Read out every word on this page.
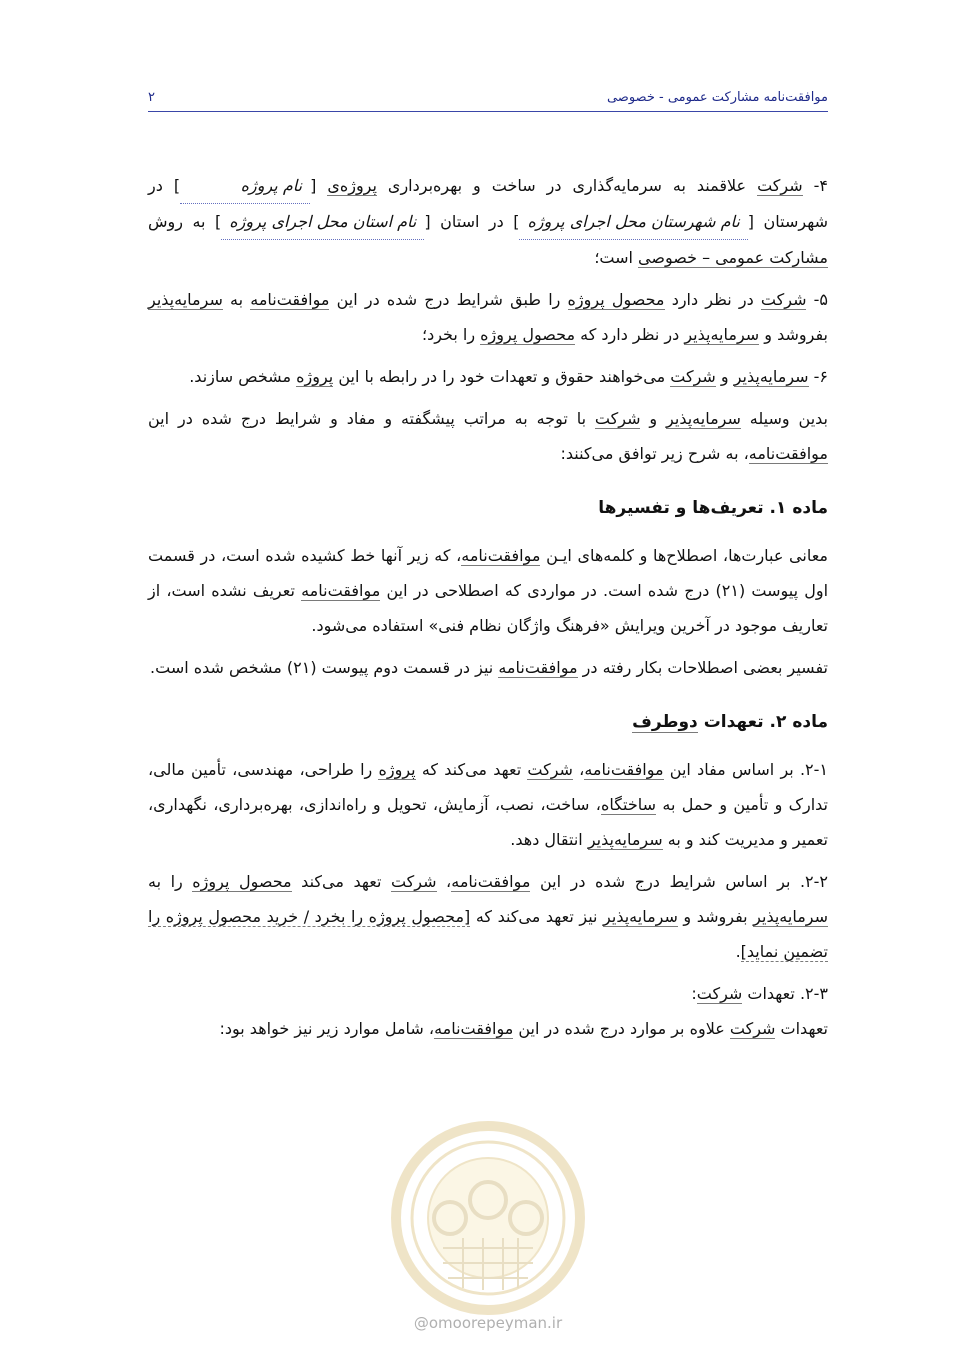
موافقت‌نامه مشارکت عمومی - خصوصی
۲

۴- شرکت علاقمند به سرمایه‌گذاری در ساخت و بهره‌برداری پروژه‌ی [نام پروژه] در شهرستان [نام شهرستان محل اجرای پروژه] در استان [نام استان محل اجرای پروژه] به روش مشارکت عمومی – خصوصی است؛

۵- شرکت در نظر دارد محصول پروژه را طبق شرایط درج شده در این موافقت‌نامه به سرمایه‌پذیر بفروشد و سرمایه‌پذیر در نظر دارد که محصول پروژه را بخرد؛

۶- سرمایه‌پذیر و شرکت می‌خواهند حقوق و تعهدات خود را در رابطه با این پروژه مشخص سازند.

بدین وسیله سرمایه‌پذیر و شرکت با توجه به مراتب پیشگفته و مفاد و شرایط درج شده در این موافقت‌نامه، به شرح زیر توافق می‌کنند:

ماده ۱. تعریف‌ها و تفسیرها

معانی عبارت‌ها، اصطلاح‌ها و کلمه‌های ایـن موافقت‌نامه، که زیر آنها خط کشیده شده است، در قسمت اول پیوست (۲۱) درج شده است. در مواردی که اصطلاحی در این موافقت‌نامه تعریف نشده است، از تعاریف موجود در آخرین ویرایش «فرهنگ واژگان نظام فنی» استفاده می‌شود.

تفسیر بعضی اصطلاحات بکار رفته در موافقت‌نامه نیز در قسمت دوم پیوست (۲۱) مشخص شده است.

ماده ۲. تعهدات دوطرف

۲-۱. بر اساس مفاد این موافقت‌نامه، شرکت تعهد می‌کند که پروژه را طراحی، مهندسی، تأمین مالی، تدارک و تأمین و حمل به ساختگاه، ساخت، نصب، آزمایش، تحویل و راه‌اندازی، بهره‌برداری، نگهداری، تعمیر و مدیریت کند و به سرمایه‌پذیر انتقال دهد.

۲-۲. بر اساس شرایط درج شده در این موافقت‌نامه، شرکت تعهد می‌کند محصول پروژه را به سرمایه‌پذیر بفروشد و سرمایه‌پذیر نیز تعهد می‌کند که [محصول پروژه را بخرد / خرید محصول پروژه را تضمین نماید].

۲-۳. تعهدات شرکت:

تعهدات شرکت علاوه بر موارد درج شده در این موافقت‌نامه، شامل موارد زیر نیز خواهد بود:

@omoorepeyman.ir
